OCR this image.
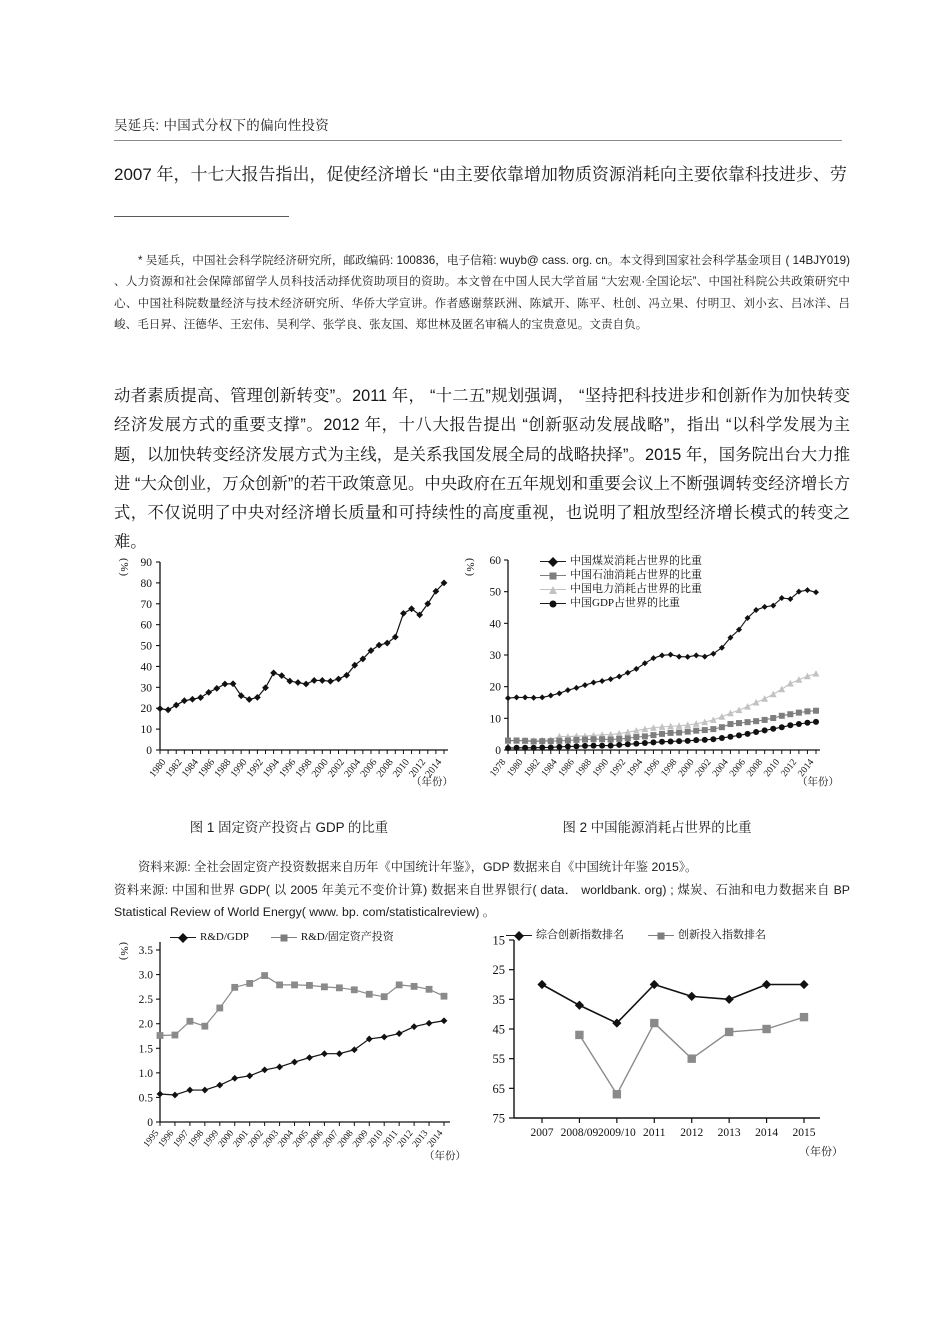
吴延兵: 中国式分权下的偏向性投资
2007 年，十七大报告指出，促使经济增长 “由主要依靠增加物质资源消耗向主要依靠科技进步、劳
* 吴延兵，中国社会科学院经济研究所，邮政编码: 100836，电子信箱: wuyb@ cass. org. cn。本文得到国家社会科学基金项目 ( 14BJY019) 、人力资源和社会保障部留学人员科技活动择优资助项目的资助。本文曾在中国人民大学首届 “大宏观·全国论坛”、中国社科院公共政策研究中心、中国社科院数量经济与技术经济研究所、华侨大学宣讲。作者感谢蔡跃洲、陈斌开、陈平、杜创、冯立果、付明卫、刘小玄、吕冰洋、吕峻、毛日昇、汪德华、王宏伟、吴利学、张学良、张友国、郑世林及匿名审稿人的宝贵意见。文责自负。
动者素质提高、管理创新转变”。2011 年， “十二五”规划强调， “坚持把科技进步和创新作为加快转变经济发展方式的重要支撑”。2012 年，十八大报告提出 “创新驱动发展战略”，指出 “以科学发展为主题，以加快转变经济发展方式为主线，是关系我国发展全局的战略抉择”。2015 年，国务院出台大力推进 “大众创业，万众创新”的若干政策意见。中央政府在五年规划和重要会议上不断强调转变经济增长方式，不仅说明了中央对经济增长质量和可持续性的高度重视，也说明了粗放型经济增长模式的转变之难。
( % )
0
10
20
30
40
50
60
70
80
90
1980
1982
1984
1986
1988
1990
1992
1994
1996
1998
2000
2002
2004
2006
2008
2010
2012
2014
（年份）
图 1 固定资产投资占 GDP 的比重
( % )	中国煤炭消耗占世界的比重
中国石油消耗占世界的比重
中国电力消耗占世界的比重
中国GDP占世界的比重
0
10
20
30
40
50
60
1978
1980
1982
1984
1986
1988
1990
1992
1994
1996
1998
2000
2002
2004
2006
2008
2010
2012
2014
（年份）
图 2 中国能源消耗占世界的比重
资料来源: 全社会固定资产投资数据来自历年《中国统计年鉴》，GDP 数据来自《中国统计年鉴 2015》。
资料来源: 中国和世界 GDP( 以 2005 年美元不变价计算) 数据来自世界银行( data． worldbank. org) ; 煤炭、石油和电力数据来自 BP Statistical Review of World Energy( www. bp. com/statisticalreview) 。
( % )
R&D/GDP	R&D/固定资产投资
0
0.5
1.0
1.5
2.0
2.5
3.0
3.5
1995
1996
1997
1998
1999
2000
2001
2002
2003
2004
2005
2006
2007
2008
2009
2010
2011
2012
2013
2014
（年份）
综合创新指数排名	创新投入指数排名
15
25
35
45
55
65
75
2007 2008/09 2009/10 2011 2012 2013 2014 2015
（年份）
